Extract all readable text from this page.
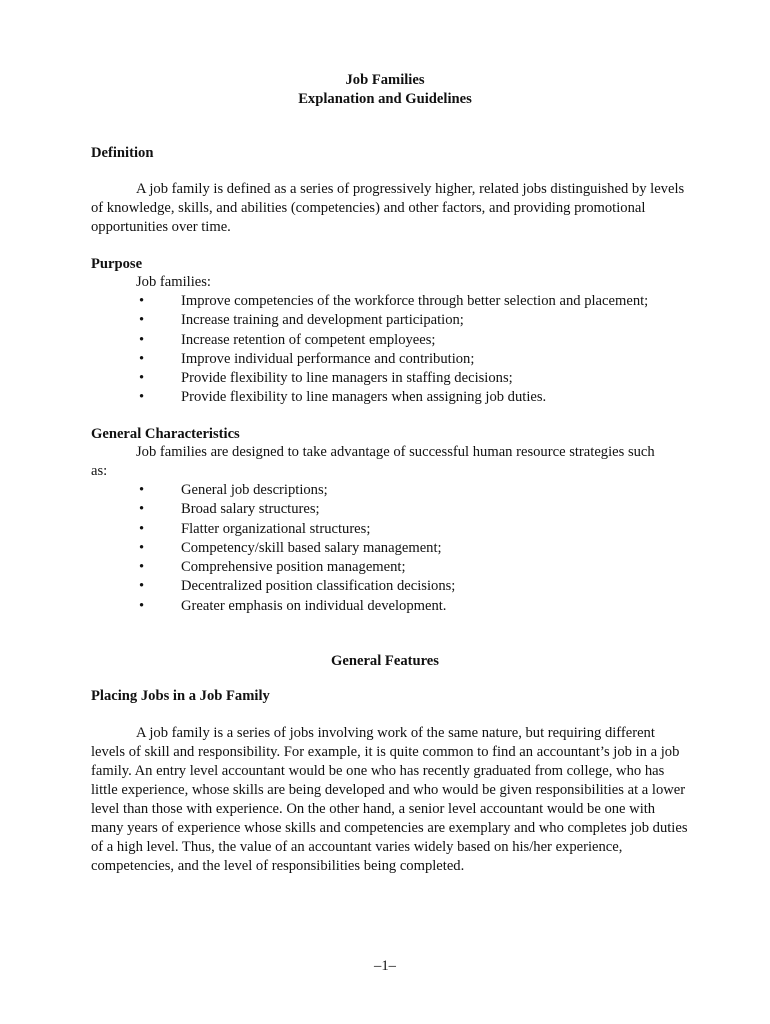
Job Families
Explanation and Guidelines
Definition
A job family is defined as a series of progressively higher, related jobs distinguished by levels of knowledge, skills, and abilities (competencies) and other factors, and providing promotional opportunities over time.
Purpose
Job families:
•	Improve competencies of the workforce through better selection and placement;
•	Increase training and development participation;
•	Increase retention of competent employees;
•	Improve individual performance and contribution;
•	Provide flexibility to line managers in staffing decisions;
•	Provide flexibility to line managers when assigning job duties.
General Characteristics
Job families are designed to take advantage of successful human resource strategies such
as:
•	General job descriptions;
•	Broad salary structures;
•	Flatter organizational structures;
•	Competency/skill based salary management;
•	Comprehensive position management;
•	Decentralized position classification decisions;
•	Greater emphasis on individual development.
General Features
Placing Jobs in a Job Family
A job family is a series of jobs involving work of the same nature, but requiring different levels of skill and responsibility. For example, it is quite common to find an accountant’s job in a job family. An entry level accountant would be one who has recently graduated from college, who has little experience, whose skills are being developed and who would be given responsibilities at a lower level than those with experience. On the other hand, a senior level accountant would be one with many years of experience whose skills and competencies are exemplary and who completes job duties of a high level. Thus, the value of an accountant varies widely based on his/her experience, competencies, and the level of responsibilities being completed.
–1–
